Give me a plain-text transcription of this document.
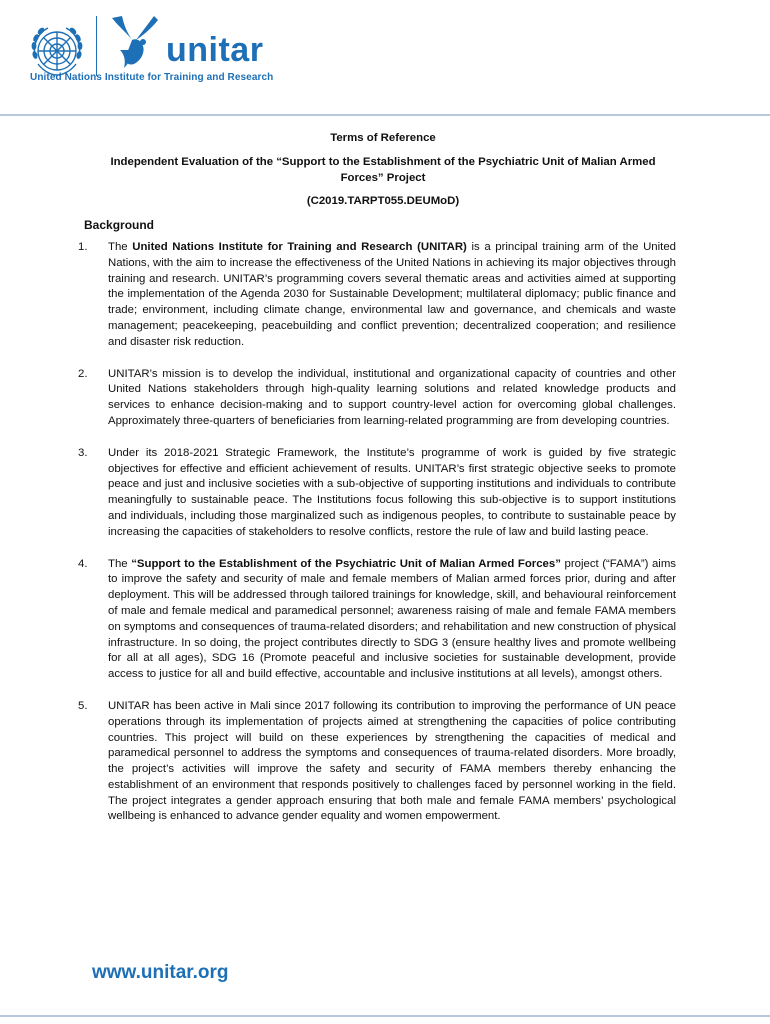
unitar
United Nations Institute for Training and Research

Terms of Reference

Independent Evaluation of the “Support to the Establishment of the Psychiatric Unit of Malian Armed Forces” Project

(C2019.TARPT055.DEUMoD)

Background
1. The United Nations Institute for Training and Research (UNITAR) is a principal training arm of the United Nations, with the aim to increase the effectiveness of the United Nations in achieving its major objectives through training and research. UNITAR’s programming covers several thematic areas and activities aimed at supporting the implementation of the Agenda 2030 for Sustainable Development; multilateral diplomacy; public finance and trade; environment, including climate change, environmental law and governance, and chemicals and waste management; peacekeeping, peacebuilding and conflict prevention; decentralized cooperation; and resilience and disaster risk reduction.
2. UNITAR’s mission is to develop the individual, institutional and organizational capacity of countries and other United Nations stakeholders through high-quality learning solutions and related knowledge products and services to enhance decision-making and to support country-level action for overcoming global challenges. Approximately three-quarters of beneficiaries from learning-related programming are from developing countries.
3. Under its 2018-2021 Strategic Framework, the Institute’s programme of work is guided by five strategic objectives for effective and efficient achievement of results. UNITAR’s first strategic objective seeks to promote peace and just and inclusive societies with a sub-objective of supporting institutions and individuals to contribute meaningfully to sustainable peace. The Institutions focus following this sub-objective is to support institutions and individuals, including those marginalized such as indigenous peoples, to contribute to sustainable peace by increasing the capacities of stakeholders to resolve conflicts, restore the rule of law and build lasting peace.
4. The “Support to the Establishment of the Psychiatric Unit of Malian Armed Forces” project (“FAMA”) aims to improve the safety and security of male and female members of Malian armed forces prior, during and after deployment. This will be addressed through tailored trainings for knowledge, skill, and behavioural reinforcement of male and female medical and paramedical personnel; awareness raising of male and female FAMA members on symptoms and consequences of trauma-related disorders; and rehabilitation and new construction of physical infrastructure. In so doing, the project contributes directly to SDG 3 (ensure healthy lives and promote wellbeing for all at all ages), SDG 16 (Promote peaceful and inclusive societies for sustainable development, provide access to justice for all and build effective, accountable and inclusive institutions at all levels), amongst others.
5. UNITAR has been active in Mali since 2017 following its contribution to improving the performance of UN peace operations through its implementation of projects aimed at strengthening the capacities of police contributing countries. This project will build on these experiences by strengthening the capacities of medical and paramedical personnel to address the symptoms and consequences of trauma-related disorders. More broadly, the project’s activities will improve the safety and security of FAMA members thereby enhancing the establishment of an environment that responds positively to challenges faced by personnel working in the field. The project integrates a gender approach ensuring that both male and female FAMA members’ psychological wellbeing is enhanced to advance gender equality and women empowerment.
www.unitar.org
